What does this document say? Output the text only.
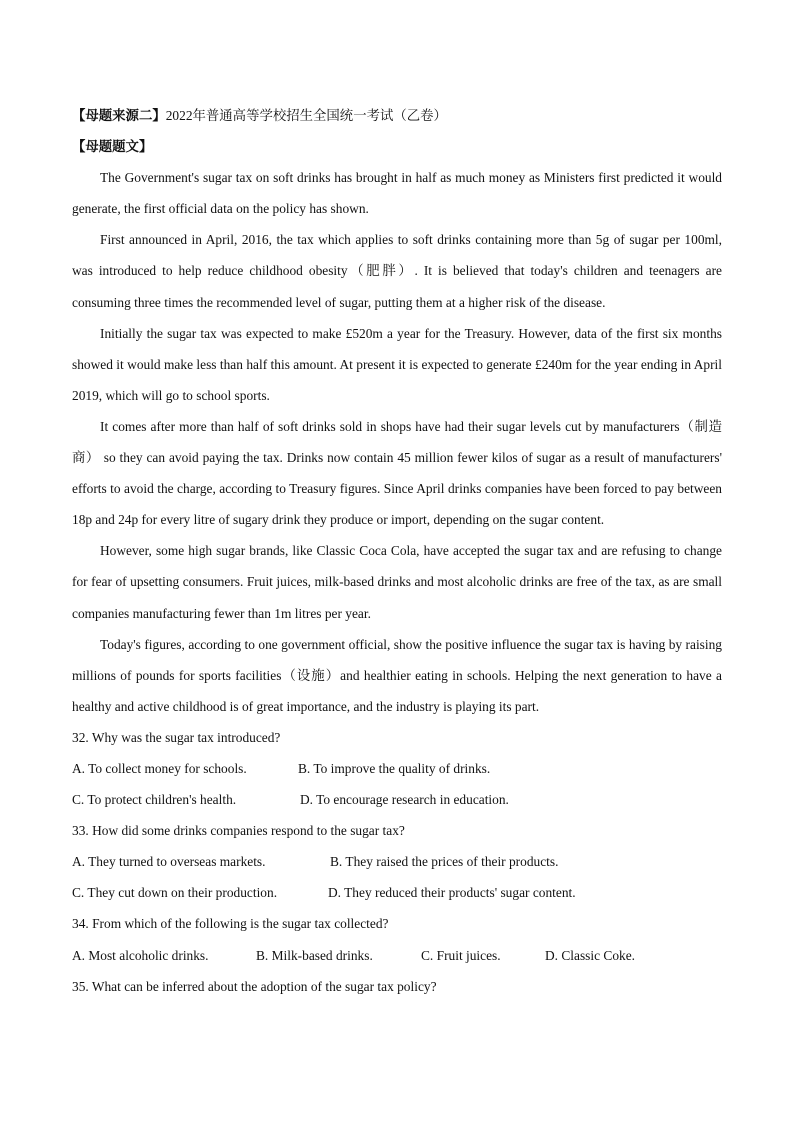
【母题来源二】2022年普通高等学校招生全国统一考试（乙卷）
【母题题文】

The Government's sugar tax on soft drinks has brought in half as much money as Ministers first predicted it would generate, the first official data on the policy has shown.

First announced in April, 2016, the tax which applies to soft drinks containing more than 5g of sugar per 100ml, was introduced to help reduce childhood obesity（肥胖）. It is believed that today's children and teenagers are consuming three times the recommended level of sugar, putting them at a higher risk of the disease.

Initially the sugar tax was expected to make £520m a year for the Treasury. However, data of the first six months showed it would make less than half this amount. At present it is expected to generate £240m for the year ending in April 2019, which will go to school sports.

It comes after more than half of soft drinks sold in shops have had their sugar levels cut by manufacturers（制造商） so they can avoid paying the tax. Drinks now contain 45 million fewer kilos of sugar as a result of manufacturers' efforts to avoid the charge, according to Treasury figures. Since April drinks companies have been forced to pay between 18p and 24p for every litre of sugary drink they produce or import, depending on the sugar content.

However, some high sugar brands, like Classic Coca Cola, have accepted the sugar tax and are refusing to change for fear of upsetting consumers. Fruit juices, milk-based drinks and most alcoholic drinks are free of the tax, as are small companies manufacturing fewer than 1m litres per year.

Today's figures, according to one government official, show the positive influence the sugar tax is having by raising millions of pounds for sports facilities（设施）and healthier eating in schools. Helping the next generation to have a healthy and active childhood is of great importance, and the industry is playing its part.

32. Why was the sugar tax introduced?

A. To collect money for schools.	B. To improve the quality of drinks.
C. To protect children's health.	D. To encourage research in education.

33. How did some drinks companies respond to the sugar tax?

A. They turned to overseas markets.	B. They raised the prices of their products.
C. They cut down on their production.	D. They reduced their products' sugar content.

34. From which of the following is the sugar tax collected?

A. Most alcoholic drinks.	B. Milk-based drinks.	C. Fruit juices.	D. Classic Coke.

35. What can be inferred about the adoption of the sugar tax policy?
